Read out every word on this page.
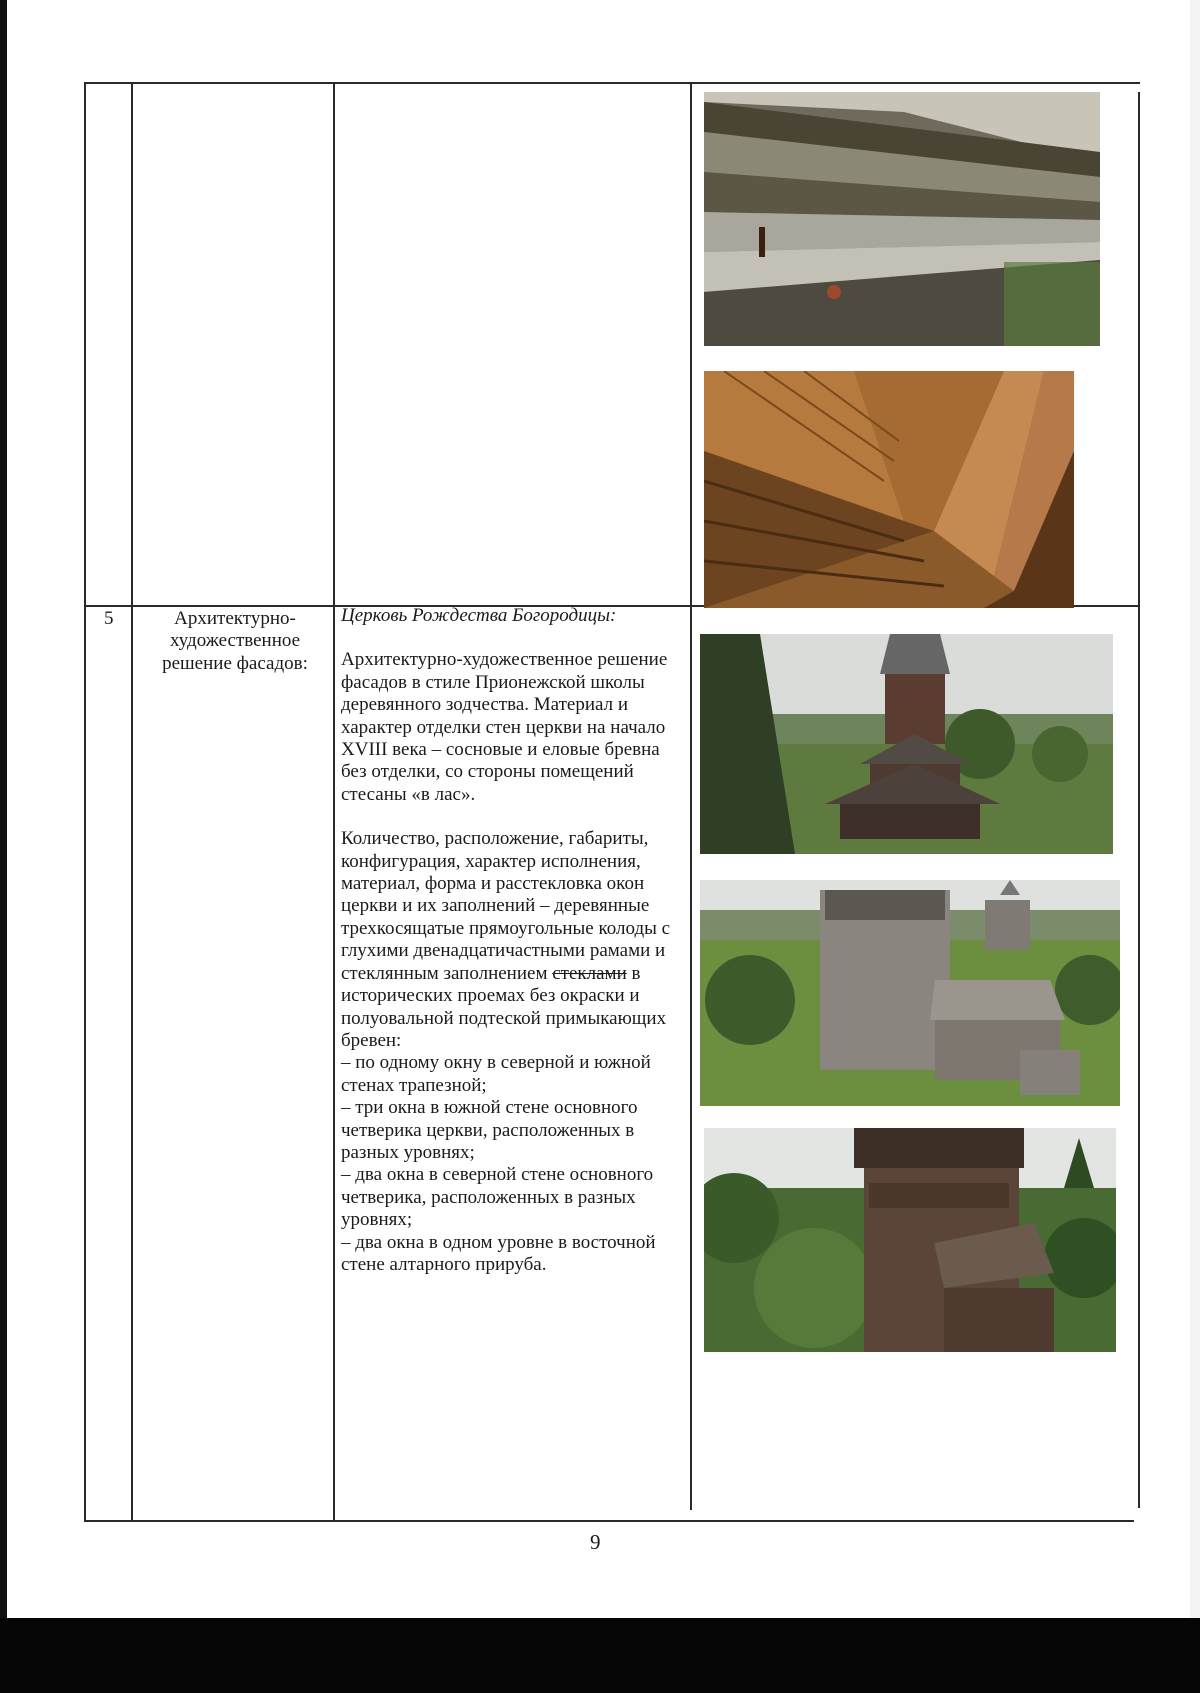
5	Архитектурно-художественное решение фасадов:

Церковь Рождества Богородицы:

Архитектурно-художественное решение фасадов в стиле Прионежской школы деревянного зодчества. Материал и характер отделки стен церкви на начало XVIII века – сосновые и еловые бревна без отделки, со стороны помещений стесаны «в лас».

Количество, расположение, габариты, конфигурация, характер исполнения, материал, форма и расстекловка окон церкви и их заполнений – деревянные трехкосящатые прямоугольные колоды с глухими двенадцатичастными рамами и стеклянным заполнением стеклами в исторических проемах без окраски и полуовальной подтеской примыкающих бревен:

– по одному окну в северной и южной стенах трапезной;
– три окна в южной стене основного четверика церкви, расположенных в разных уровнях;
– два окна в северной стене основного четверика, расположенных в разных уровнях;
– два окна в одном уровне в восточной стене алтарного прируба.
9
